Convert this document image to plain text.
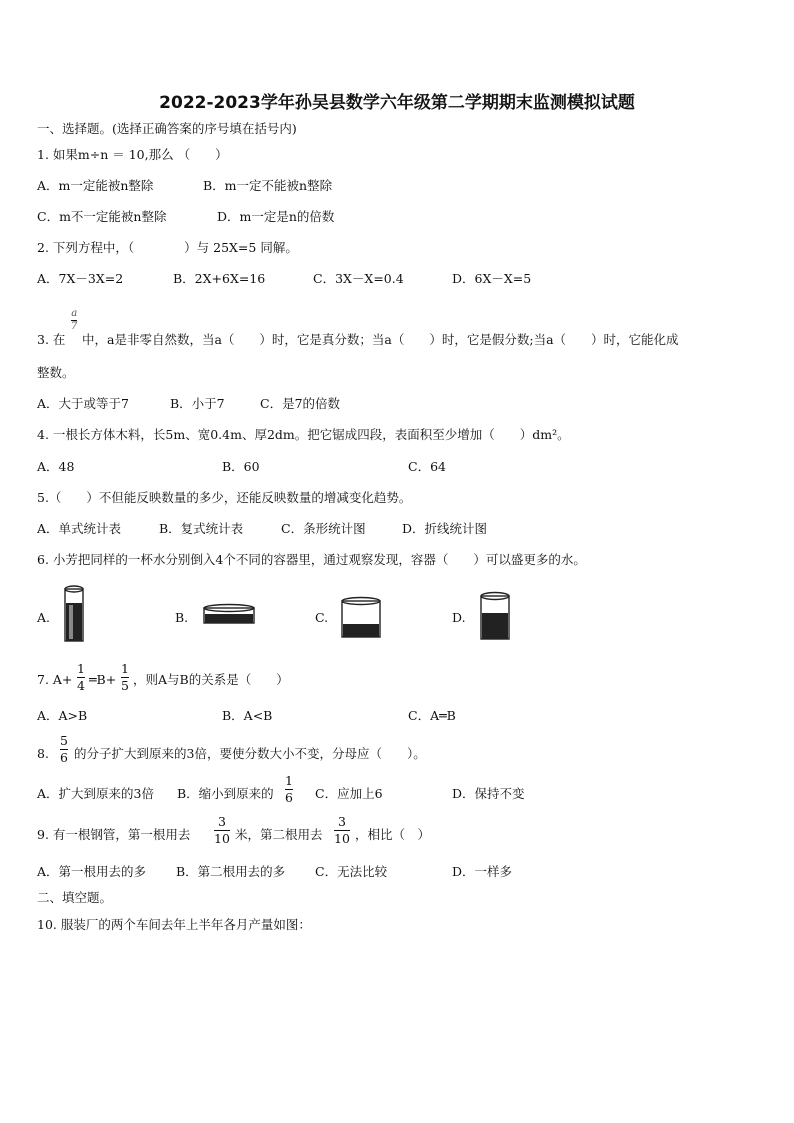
2022-2023学年孙吴县数学六年级第二学期期末监测模拟试题
一、选择题。(选择正确答案的序号填在括号内)
1. 如果m÷n ＝ 10,那么 （　　）
A．m一定能被n整除	B．m一定不能被n整除
C．m不一定能被n整除	D．m一定是n的倍数
2. 下列方程中，（　　　　）与 25X=5 同解。
A．7X－3X=2	B．2X+6X=16	C．3X－X=0.4	D．6X－X=5
3. 在
a
7
中，a是非零自然数，当a（　　）时，它是真分数；当a（　　）时，它是假分数;当a（　　）时，它能化成
整数。
A．大于或等于7	B．小于7	C．是7的倍数
4. 一根长方体木料，长5m、宽0.4m、厚2dm。把它锯成四段，表面积至少增加（　　）dm²。
A．48	B．60	C．64
5.（　　）不但能反映数量的多少，还能反映数量的增减变化趋势。
A．单式统计表	B．复式统计表	C．条形统计图	D．折线统计图
6. 小芳把同样的一杯水分别倒入4个不同的容器里，通过观察发现，容器（　　）可以盛更多的水。
A.	B.	C.	D.
7. A+
1
4 ═B+
1
5 ，则A与B的关系是（　　）
A．A>B	B．A<B	C．A═B
8.
5
6 的分子扩大到原来的3倍，要使分数大小不变，分母应（　　）。
A．扩大到原来的3倍 B．缩小到原来的
1
6 C．应加上6	D．保持不变
9. 有一根钢管，第一根用去
3
10 米，第二根用去
3
10 ，相比（　）
A．第一根用去的多 B．第二根用去的多 C．无法比较	D．一样多
二、填空题。
10. 服装厂的两个车间去年上半年各月产量如图：
